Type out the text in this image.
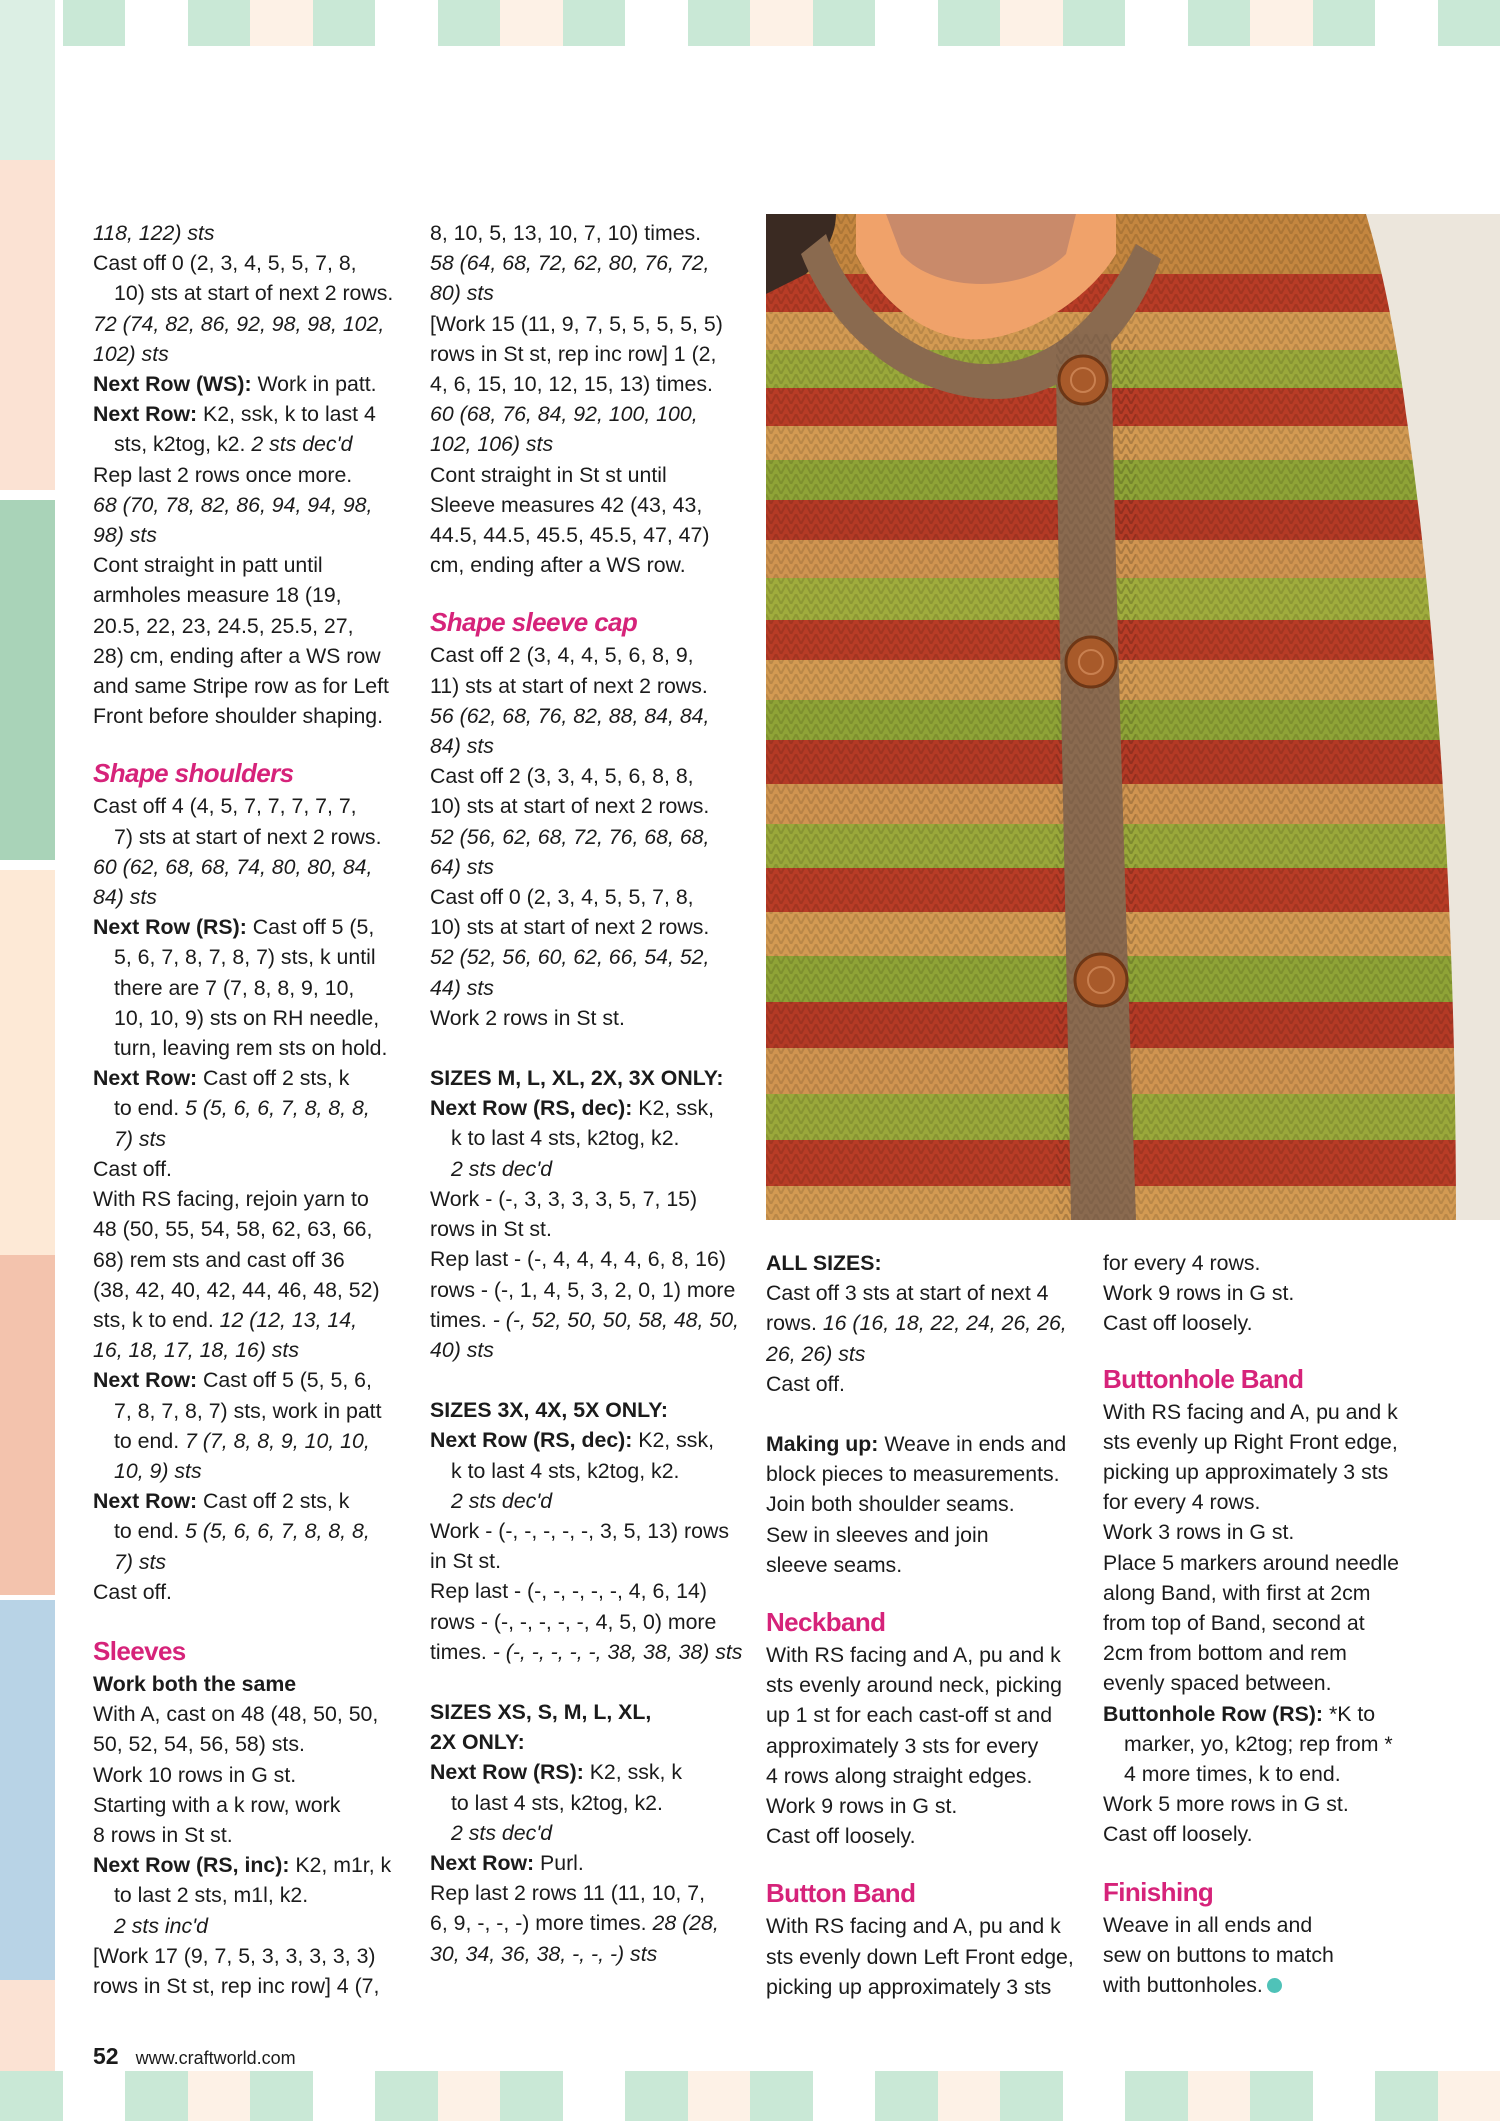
118, 122) sts

Cast off 0 (2, 3, 4, 5, 5, 7, 8,

10) sts at start of next 2 rows.

72 (74, 82, 86, 92, 98, 98, 102,

102) sts

Next Row (WS): Work in patt.

Next Row: K2, ssk, k to last 4

sts, k2tog, k2. 2 sts dec'd

Rep last 2 rows once more.

68 (70, 78, 82, 86, 94, 94, 98,

98) sts

Cont straight in patt until

armholes measure 18 (19,

20.5, 22, 23, 24.5, 25.5, 27,

28) cm, ending after a WS row

and same Stripe row as for Left

Front before shoulder shaping.

Shape shoulders

Cast off 4 (4, 5, 7, 7, 7, 7, 7,

7) sts at start of next 2 rows.

60 (62, 68, 68, 74, 80, 80, 84,

84) sts

Next Row (RS): Cast off 5 (5,

5, 6, 7, 8, 7, 8, 7) sts, k until

there are 7 (7, 8, 8, 9, 10,

10, 10, 9) sts on RH needle,

turn, leaving rem sts on hold.

Next Row: Cast off 2 sts, k

to end. 5 (5, 6, 6, 7, 8, 8, 8,

7) sts

Cast off.

With RS facing, rejoin yarn to

48 (50, 55, 54, 58, 62, 63, 66,

68) rem sts and cast off 36

(38, 42, 40, 42, 44, 46, 48, 52)

sts, k to end. 12 (12, 13, 14,

16, 18, 17, 18, 16) sts

Next Row: Cast off 5 (5, 5, 6,

7, 8, 7, 8, 7) sts, work in patt

to end. 7 (7, 8, 8, 9, 10, 10,

10, 9) sts

Next Row: Cast off 2 sts, k

to end. 5 (5, 6, 6, 7, 8, 8, 8,

7) sts

Cast off.

Sleeves

Work both the same

With A, cast on 48 (48, 50, 50,

50, 52, 54, 56, 58) sts.

Work 10 rows in G st.

Starting with a k row, work

8 rows in St st.

Next Row (RS, inc): K2, m1r, k

to last 2 sts, m1l, k2.

2 sts inc'd

[Work 17 (9, 7, 5, 3, 3, 3, 3, 3)

rows in St st, rep inc row] 4 (7,

8, 10, 5, 13, 10, 7, 10) times.

58 (64, 68, 72, 62, 80, 76, 72,

80) sts

[Work 15 (11, 9, 7, 5, 5, 5, 5, 5)

rows in St st, rep inc row] 1 (2,

4, 6, 15, 10, 12, 15, 13) times.

60 (68, 76, 84, 92, 100, 100,

102, 106) sts

Cont straight in St st until

Sleeve measures 42 (43, 43,

44.5, 44.5, 45.5, 45.5, 47, 47)

cm, ending after a WS row.

Shape sleeve cap

Cast off 2 (3, 4, 4, 5, 6, 8, 9,

11) sts at start of next 2 rows.

56 (62, 68, 76, 82, 88, 84, 84,

84) sts

Cast off 2 (3, 3, 4, 5, 6, 8, 8,

10) sts at start of next 2 rows.

52 (56, 62, 68, 72, 76, 68, 68,

64) sts

Cast off 0 (2, 3, 4, 5, 5, 7, 8,

10) sts at start of next 2 rows.

52 (52, 56, 60, 62, 66, 54, 52,

44) sts

Work 2 rows in St st.

SIZES M, L, XL, 2X, 3X ONLY:

Next Row (RS, dec): K2, ssk,

k to last 4 sts, k2tog, k2.

2 sts dec'd

Work - (-, 3, 3, 3, 3, 5, 7, 15)

rows in St st.

Rep last - (-, 4, 4, 4, 4, 6, 8, 16)

rows - (-, 1, 4, 5, 3, 2, 0, 1) more

times. - (-, 52, 50, 50, 58, 48, 50,

40) sts

SIZES 3X, 4X, 5X ONLY:

Next Row (RS, dec): K2, ssk,

k to last 4 sts, k2tog, k2.

2 sts dec'd

Work - (-, -, -, -, -, 3, 5, 13) rows

in St st.

Rep last - (-, -, -, -, -, 4, 6, 14)

rows - (-, -, -, -, -, 4, 5, 0) more

times. - (-, -, -, -, -, 38, 38, 38) sts

SIZES XS, S, M, L, XL,

2X ONLY:

Next Row (RS): K2, ssk, k

to last 4 sts, k2tog, k2.

2 sts dec'd

Next Row: Purl.

Rep last 2 rows 11 (11, 10, 7,

6, 9, -, -, -) more times. 28 (28,

30, 34, 36, 38, -, -, -) sts

ALL SIZES:

Cast off 3 sts at start of next 4

rows. 16 (16, 18, 22, 24, 26, 26,

26, 26) sts

Cast off.

Making up: Weave in ends and

block pieces to measurements.

Join both shoulder seams.

Sew in sleeves and join

sleeve seams.

Neckband

With RS facing and A, pu and k

sts evenly around neck, picking

up 1 st for each cast-off st and

approximately 3 sts for every

4 rows along straight edges.

Work 9 rows in G st.

Cast off loosely.

Button Band

With RS facing and A, pu and k

sts evenly down Left Front edge,

picking up approximately 3 sts

for every 4 rows.

Work 9 rows in G st.

Cast off loosely.

Buttonhole Band

With RS facing and A, pu and k

sts evenly up Right Front edge,

picking up approximately 3 sts

for every 4 rows.

Work 3 rows in G st.

Place 5 markers around needle

along Band, with first at 2cm

from top of Band, second at

2cm from bottom and rem

evenly spaced between.

Buttonhole Row (RS): *K to

marker, yo, k2tog; rep from *

4 more times, k to end.

Work 5 more rows in G st.

Cast off loosely.

Finishing

Weave in all ends and

sew on buttons to match

with buttonholes.

52 www.craftworld.com
